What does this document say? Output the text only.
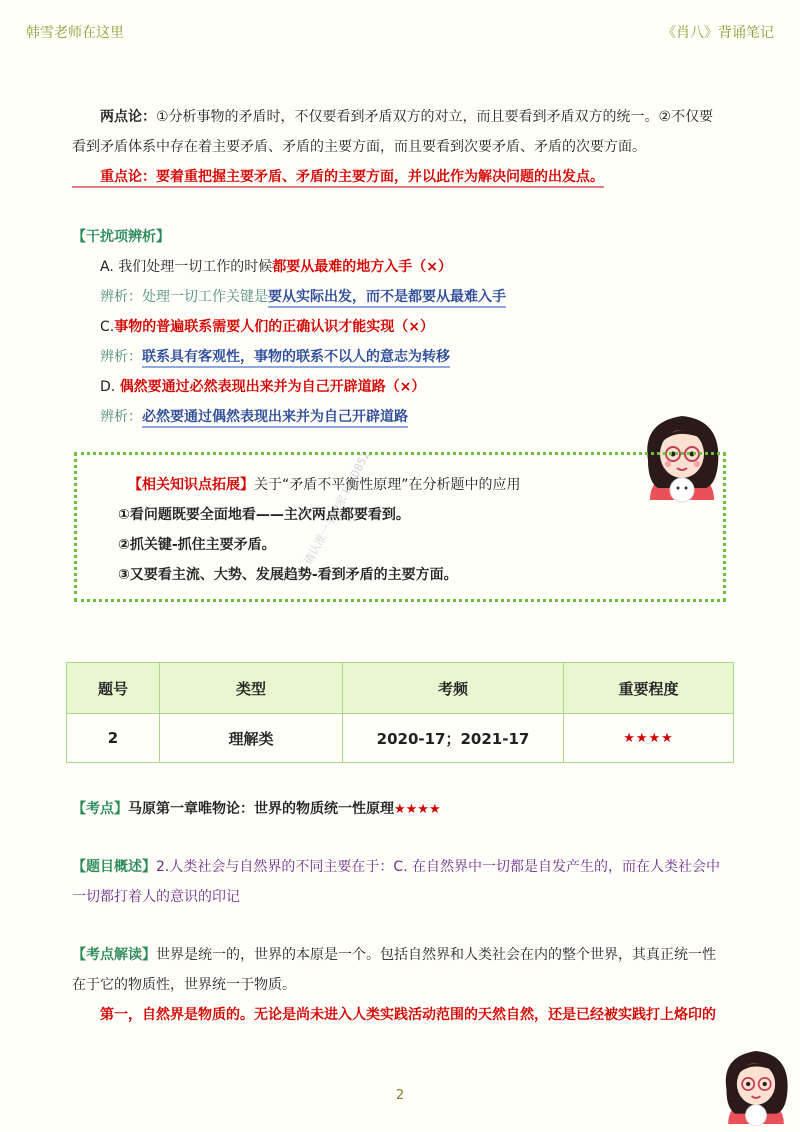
韩雪老师在这里	《肖八》背诵笔记
两点论：①分析事物的矛盾时，不仅要看到矛盾双方的对立，而且要看到矛盾双方的统一。②不仅要
看到矛盾体系中存在着主要矛盾、矛盾的主要方面，而且要看到次要矛盾、矛盾的次要方面。
重点论：要着重把握主要矛盾、矛盾的主要方面，并以此作为解决问题的出发点。
【干扰项辨析】
A. 我们处理一切工作的时候都要从最难的地方入手（×）
辨析：处理一切工作关键是要从实际出发，而不是都要从最难入手
C.事物的普遍联系需要人们的正确认识才能实现（×）
辨析：联系具有客观性，事物的联系不以人的意志为转移
D. 偶然要通过必然表现出来并为自己开辟道路（×）
辨析：必然要通过偶然表现出来并为自己开辟道路
【相关知识点拓展】关于“矛盾不平衡性原理”在分析题中的应用
①看问题既要全面地看——主次两点都要看到。
②抓关键-抓住主要矛盾。
③又要看主流、大势、发展趋势-看到矛盾的主要方面。
请认准一手独家 kys0852
题号	类型	考频	重要程度
2	理解类	2020-17；2021-17	★★★★
【考点】马原第一章唯物论：世界的物质统一性原理★★★★
【题目概述】2.人类社会与自然界的不同主要在于：C. 在自然界中一切都是自发产生的，而在人类社会中
一切都打着人的意识的印记
【考点解读】世界是统一的，世界的本原是一个。包括自然界和人类社会在内的整个世界，其真正统一性
在于它的物质性，世界统一于物质。
第一，自然界是物质的。无论是尚未进入人类实践活动范围的天然自然，还是已经被实践打上烙印的
2
